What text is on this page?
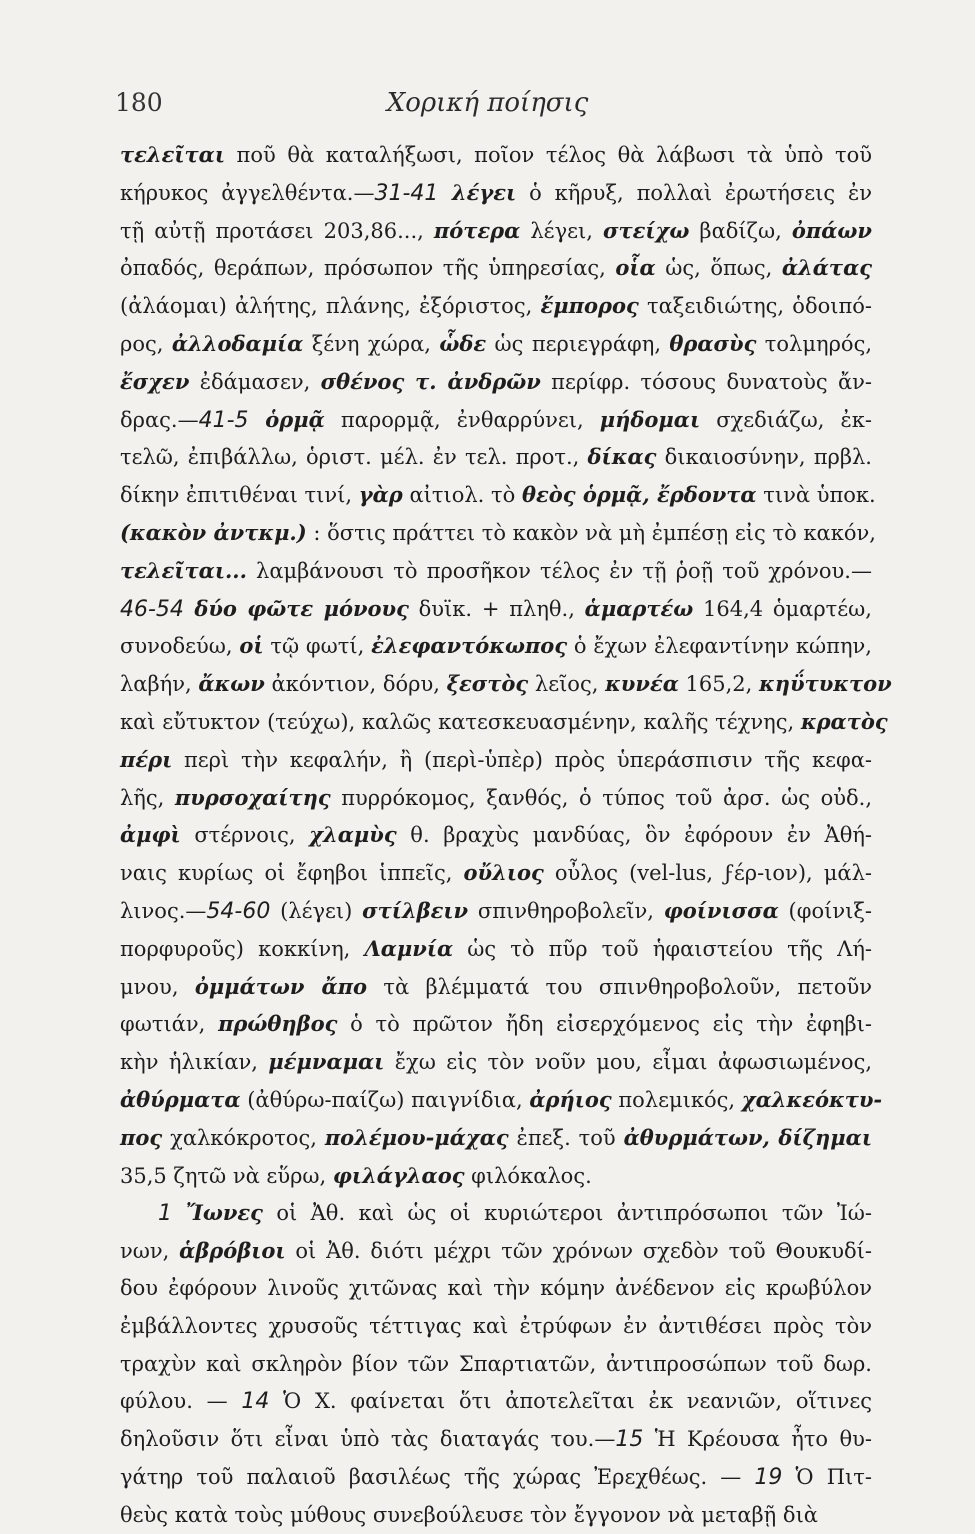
180	Χορική ποίησις
τελεῖται ποῦ θὰ καταλήξωσι, ποῖον τέλος θὰ λάβωσι τὰ ὑπὸ τοῦ
κήρυκος ἀγγελθέντα.—31-41 λέγει ὁ κῆρυξ, πολλαὶ ἐρωτήσεις ἐν
τῇ αὐτῇ προτάσει 203,86..., πότερα λέγει, στείχω βαδίζω, ὀπάων
ὀπαδός, θεράπων, πρόσωπον τῆς ὑπηρεσίας, οἷα ὡς, ὅπως, ἀλάτας
(ἀλάομαι) ἀλήτης, πλάνης, ἐξόριστος, ἔμπορος ταξειδιώτης, ὁδοιπό-
ρος, ἀλλοδαμία ξένη χώρα, ὧδε ὡς περιεγράφη, θρασὺς τολμηρός,
ἔσχεν ἐδάμασεν, σθένος τ. ἀνδρῶν περίφρ. τόσους δυνατοὺς ἄν-
δρας.—41-5 ὁρμᾷ παρορμᾷ, ἐνθαρρύνει, μήδομαι σχεδιάζω, ἐκ-
τελῶ, ἐπιβάλλω, ὁριστ. μέλ. ἐν τελ. προτ., δίκας δικαιοσύνην, πρβλ.
δίκην ἐπιτιθέναι τινί, γὰρ αἰτιολ. τὸ θεὸς ὁρμᾷ, ἔρδοντα τινὰ ὑποκ.
(κακὸν ἀντκμ.) : ὅστις πράττει τὸ κακὸν νὰ μὴ ἐμπέσῃ εἰς τὸ κακόν,
τελεῖται... λαμβάνουσι τὸ προσῆκον τέλος ἐν τῇ ῥοῇ τοῦ χρόνου.—
46-54 δύο φῶτε μόνους δυϊκ. + πληθ., ἁμαρτέω 164,4 ὁμαρτέω,
συνοδεύω, οἱ τῷ φωτί, ἐλεφαντόκωπος ὁ ἔχων ἐλεφαντίνην κώπην,
λαβήν, ἄκων ἀκόντιον, δόρυ, ξεστὸς λεῖος, κυνέα 165,2, κηΰτυκτον
καὶ εὔτυκτον (τεύχω), καλῶς κατεσκευασμένην, καλῆς τέχνης, κρατὸς
πέρι περὶ τὴν κεφαλήν, ἢ (περὶ-ὑπὲρ) πρὸς ὑπεράσπισιν τῆς κεφα-
λῆς, πυρσοχαίτης πυρρόκομος, ξανθός, ὁ τύπος τοῦ ἀρσ. ὡς οὐδ.,
ἀμφὶ στέρνοις, χλαμὺς θ. βραχὺς μανδύας, ὃν ἐφόρουν ἐν Ἀθή-
ναις κυρίως οἱ ἔφηβοι ἱππεῖς, οὔλιος οὖλος (vel-lus, ϝέρ-ιον), μάλ-
λινος.—54-60 (λέγει) στίλβειν σπινθηροβολεῖν, φοίνισσα (φοίνιξ-
πορφυροῦς) κοκκίνη, Λαμνία ὡς τὸ πῦρ τοῦ ἡφαιστείου τῆς Λή-
μνου, ὀμμάτων ἄπο τὰ βλέμματά του σπινθηροβολοῦν, πετοῦν
φωτιάν, πρώθηβος ὁ τὸ πρῶτον ἤδη εἰσερχόμενος εἰς τὴν ἐφηβι-
κὴν ἡλικίαν, μέμναμαι ἔχω εἰς τὸν νοῦν μου, εἶμαι ἀφωσιωμένος,
ἀθύρματα (ἀθύρω-παίζω) παιγνίδια, ἀρήιος πολεμικός, χαλκεόκτυ-
πος χαλκόκροτος, πολέμου-μάχας ἐπεξ. τοῦ ἀθυρμάτων, δίζημαι
35,5 ζητῶ νὰ εὕρω, φιλάγλαος φιλόκαλος.
1 Ἴωνες οἱ Ἀθ. καὶ ὡς οἱ κυριώτεροι ἀντιπρόσωποι τῶν Ἰώ-
νων, ἁβρόβιοι οἱ Ἀθ. διότι μέχρι τῶν χρόνων σχεδὸν τοῦ Θουκυδί-
δου ἐφόρουν λινοῦς χιτῶνας καὶ τὴν κόμην ἀνέδενον εἰς κρωβύλον
ἐμβάλλοντες χρυσοῦς τέττιγας καὶ ἐτρύφων ἐν ἀντιθέσει πρὸς τὸν
τραχὺν καὶ σκληρὸν βίον τῶν Σπαρτιατῶν, ἀντιπροσώπων τοῦ δωρ.
φύλου. — 14 Ὁ Χ. φαίνεται ὅτι ἀποτελεῖται ἐκ νεανιῶν, οἵτινες
δηλοῦσιν ὅτι εἶναι ὑπὸ τὰς διαταγάς του.—15 Ἡ Κρέουσα ἦτο θυ-
γάτηρ τοῦ παλαιοῦ βασιλέως τῆς χώρας Ἐρεχθέως. — 19 Ὁ Πιτ-
θεὺς κατὰ τοὺς μύθους συνεβούλευσε τὸν ἔγγονον νὰ μεταβῇ διὰ
